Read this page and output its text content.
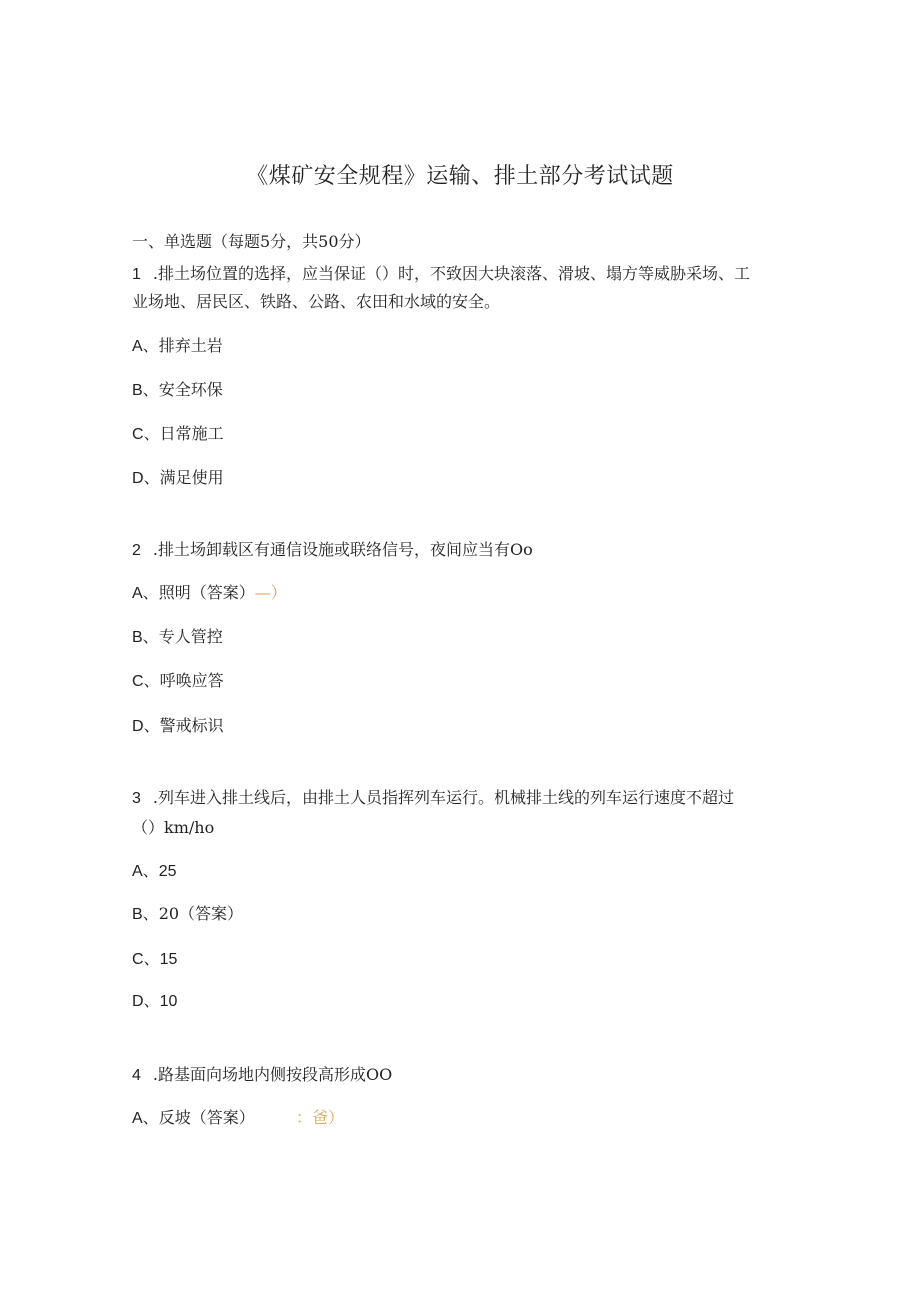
《煤矿安全规程》运输、排土部分考试试题
一、单选题（每题5分，共50分）
1 .排土场位置的选择，应当保证（）时，不致因大块滚落、滑坡、塌方等威胁采场、工
业场地、居民区、铁路、公路、农田和水域的安全。
A、排弃土岩
B、安全环保
C、日常施工
D、满足使用
2 .排土场卸载区有通信设施或联络信号，夜间应当有Oo
A、照明（答案）—）
B、专人管控
C、呼唤应答
D、警戒标识
3 .列车进入排土线后，由排土人员指挥列车运行。机械排土线的列车运行速度不超过
（）km/ho
A、25
B、20（答案）
C、15
D、10
4 .路基面向场地内侧按段高形成OO
A、反坡（答案）	：爸）
